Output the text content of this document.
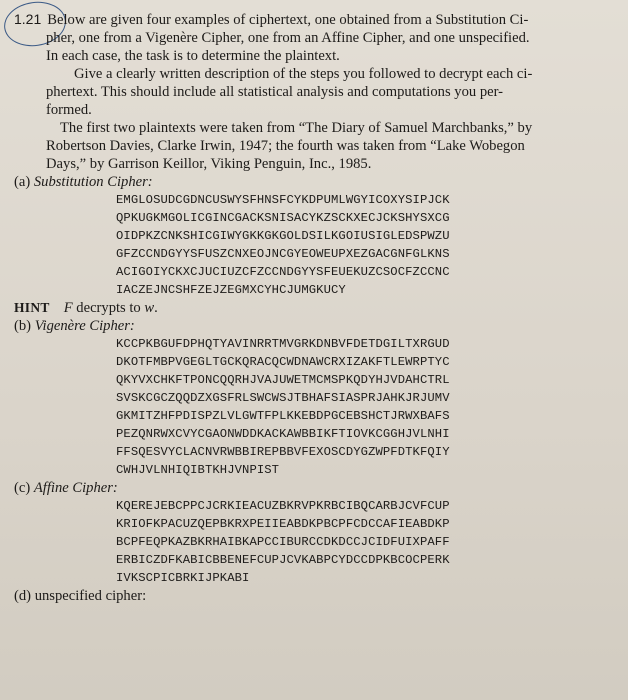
1.21 Below are given four examples of ciphertext, one obtained from a Substitution Ci-
pher, one from a Vigenère Cipher, one from an Affine Cipher, and one unspecified.
In each case, the task is to determine the plaintext.

Give a clearly written description of the steps you followed to decrypt each ci-
phertext. This should include all statistical analysis and computations you per-
formed.

The first two plaintexts were taken from “The Diary of Samuel Marchbanks,” by
Robertson Davies, Clarke Irwin, 1947; the fourth was taken from “Lake Wobegon
Days,” by Garrison Keillor, Viking Penguin, Inc., 1985.

(a) Substitution Cipher:

EMGLOSUDCGDNCUSWYSFHNSFCYKDPUMLWGYICOXYSIPJCK
QPKUGKMGOLICGINCGACKSNISACYKZSCKXECJCKSHYSXCG
OIDPKZCNKSHICGIWYGKKGKGOLDSILKGOIUSIGLEDSPWZU
GFZCCNDGYYSFUSZCNXEOJNCGYEOWEUPXEZGACGNFGLKNS
ACIGOIYCKXCJUCIUZCFZCCNDGYYSFEUEKUZCSOCFZCCNC
IACZEJNCSHFZEJZEGMXCYHCJUMGKUCY

HINT F decrypts to w.

(b) Vigenère Cipher:

KCCPKBGUFDPHQTYAVINRRTMVGRKDNBVFDETDGILTXRGUD
DKOTFMBPVGEGLTGCKQRACQCWDNAWCRXIZAKFTLEWRPTYC
QKYVXCHKFTPONCQQRHJVAJUWETMCMSPKQDYHJVDAHCTRL
SVSKCGCZQQDZXGSFRLSWCWSJTBHAFSIASPRJAHKJRJUMV
GKMITZHFPDISPZLVLGWTFPLKKEBDPGCEBSHCTJRWXBAFS
PEZQNRWXCVYCGAONWDDKACKAWBBIKFTIOVKCGGHJVLNHI
FFSQESVYCLACNVRWBBIREPBBVFEXOSCDYGZWPFDTKFQIY
CWHJVLNHIQIBTKHJVNPIST

(c) Affine Cipher:

KQEREJEBCPPCJCRKIEACUZBKRVPKRBCIBQCARBJCVFCUP
KRIOFKPACUZQEPBKRXPEIIEABDKPBCPFCDCCAFIEABDKP
BCPFEQPKAZBKRHAIBKAPCCIBURCCDKDCCJCIDFUIXPAFF
ERBICZDFKABICBBENEFCUPJCVKABPCYDCCDPKBCOCPERK
IVKSCPICBRKIJPKABI

(d) unspecified cipher:
